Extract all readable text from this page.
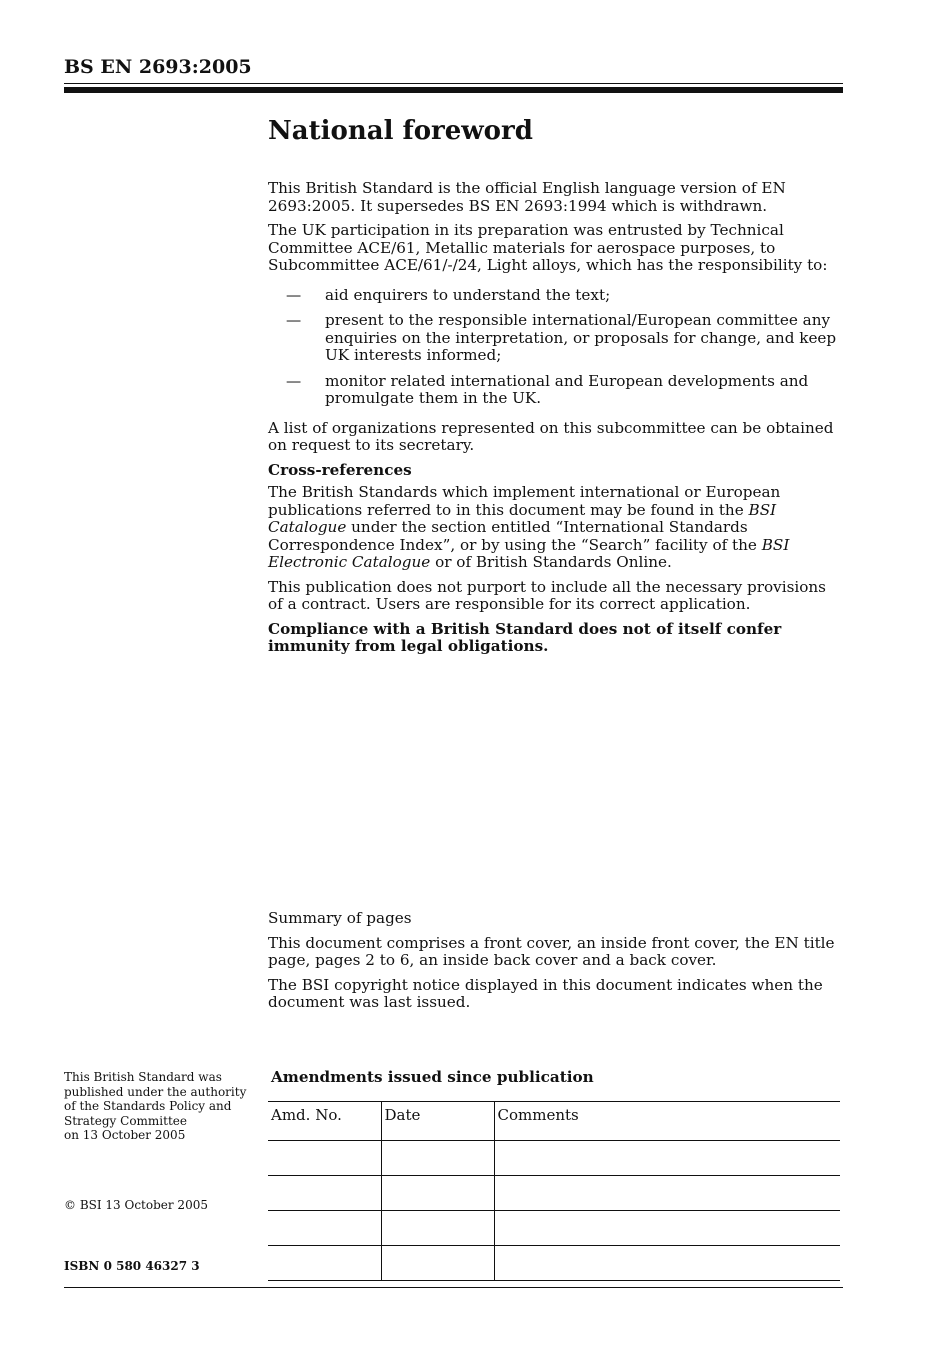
BS EN 2693:2005
National foreword

This British Standard is the official English language version of EN 2693:2005. It supersedes BS EN 2693:1994 which is withdrawn.

The UK participation in its preparation was entrusted by Technical Committee ACE/61, Metallic materials for aerospace purposes, to Subcommittee ACE/61/-/24, Light alloys, which has the responsibility to:

—	aid enquirers to understand the text;
—	present to the responsible international/European committee any enquiries on the interpretation, or proposals for change, and keep UK interests informed;
—	monitor related international and European developments and promulgate them in the UK.

A list of organizations represented on this subcommittee can be obtained on request to its secretary.

Cross-references

The British Standards which implement international or European publications referred to in this document may be found in the BSI Catalogue under the section entitled “International Standards Correspondence Index”, or by using the “Search” facility of the BSI Electronic Catalogue or of British Standards Online.

This publication does not purport to include all the necessary provisions of a contract. Users are responsible for its correct application.

Compliance with a British Standard does not of itself confer immunity from legal obligations.

Summary of pages

This document comprises a front cover, an inside front cover, the EN title page, pages 2 to 6, an inside back cover and a back cover.

The BSI copyright notice displayed in this document indicates when the document was last issued.

This British Standard was
published under the authority
of the Standards Policy and
Strategy Committee
on 13 October 2005
© BSI 13 October 2005
ISBN 0 580 46327 3
Amendments issued since publication
Amd. No.	Date	Comments
